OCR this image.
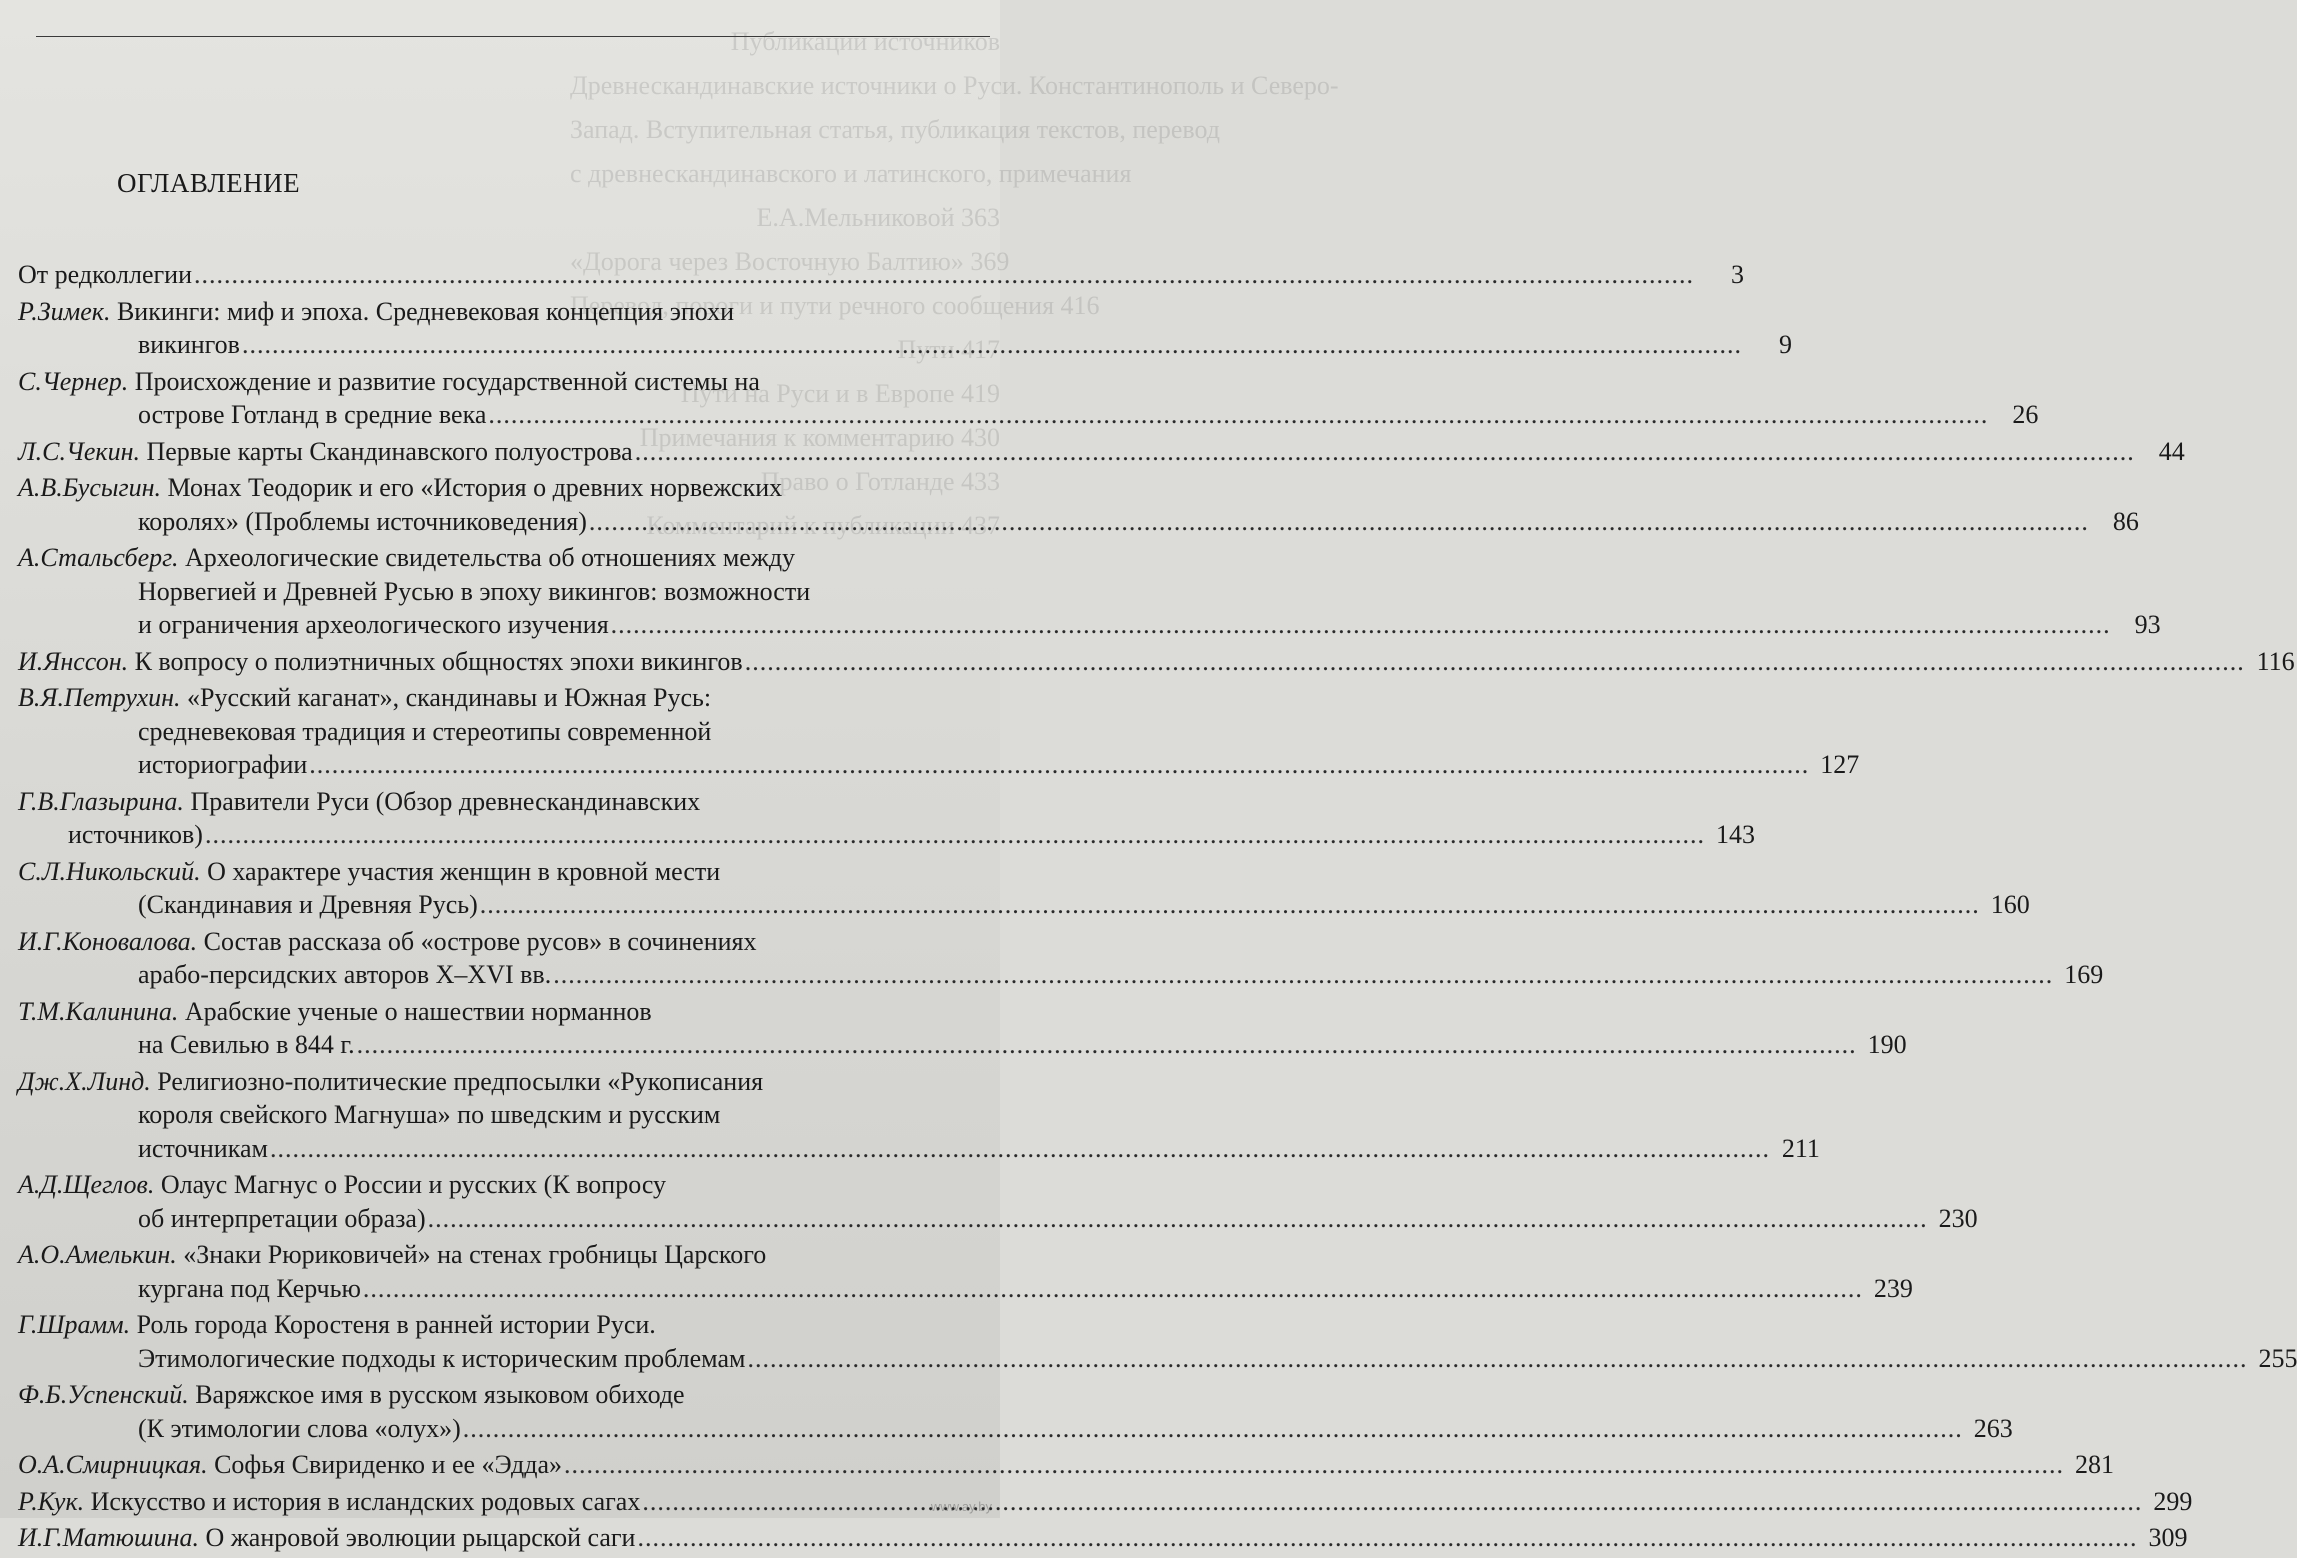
Публикации источников
Древнескандинавские источники о Руси. Константинополь и Северо-
Запад. Вступительная статья, публикация текстов, перевод
с древнескандинавского и латинского, примечания
Е.А.Мельниковой 363
«Дорога через Восточную Балтию» 369
Перевод, пороги и пути речного сообщения 416
Пути 417
Пути на Руси и в Европе 419
Примечания к комментарию 430
Право о Готланде 433
Комментарий к публикации 437
ОГЛАВЛЕНИЕ
От редколлегии .....	3
Р.Зимек. Викинги: миф и эпоха. Средневековая концепция эпохи
викингов .....	9
С.Чернер. Происхождение и развитие государственной системы на
острове Готланд в средние века .....	26
Л.С.Чекин. Первые карты Скандинавского полуострова .....	44
А.В.Бусыгин. Монах Теодорик и его «История о древних норвежских
королях» (Проблемы источниковедения) .....	86
А.Стальсберг. Археологические свидетельства об отношениях между
Норвегией и Древней Русью в эпоху викингов: возможности
и ограничения археологического изучения .....	93
И.Янссон. К вопросу о полиэтничных общностях эпохи викингов .....	116
В.Я.Петрухин. «Русский каганат», скандинавы и Южная Русь:
средневековая традиция и стереотипы современной
историографии .....	127
Г.В.Глазырина. Правители Руси (Обзор древнескандинавских
источников) .....	143
С.Л.Никольский. О характере участия женщин в кровной мести
(Скандинавия и Древняя Русь) .....	160
И.Г.Коновалова. Состав рассказа об «острове русов» в сочинениях
арабо-персидских авторов X–XVI вв. .....	169
Т.М.Калинина. Арабские ученые о нашествии норманнов
на Севилью в 844 г. .....	190
Дж.Х.Линд. Религиозно-политические предпосылки «Рукописания
короля свейского Магнуша» по шведским и русским
источникам .....	211
А.Д.Щеглов. Олаус Магнус о России и русских (К вопросу
об интерпретации образа) .....	230
А.О.Амелькин. «Знаки Рюриковичей» на стенах гробницы Царского
кургана под Керчью .....	239
Г.Шрамм. Роль города Коростеня в ранней истории Руси.
Этимологические подходы к историческим проблемам .....	255
Ф.Б.Успенский. Варяжское имя в русском языковом обиходе
(К этимологии слова «олух») .....	263
О.А.Смирницкая. Софья Свириденко и ее «Эдда» .....	281
Р.Кук. Искусство и история в исландских родовых сагах .....	299
И.Г.Матюшина. О жанровой эволюции рыцарской саги .....	309
www.ay.by
